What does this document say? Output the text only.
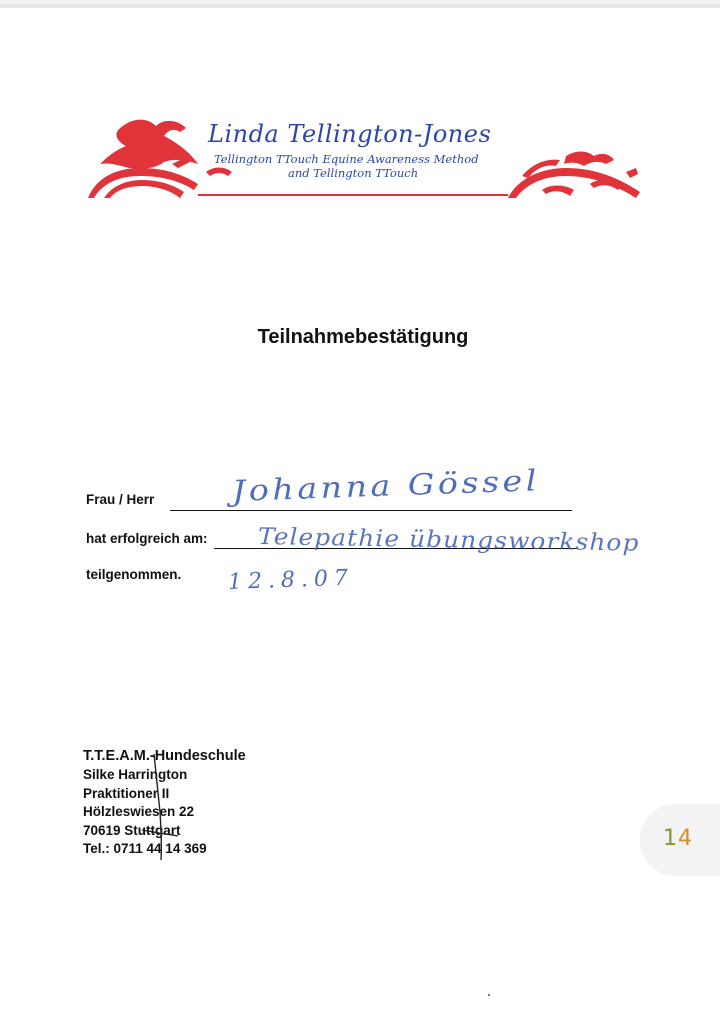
Linda Tellington-Jones
Tellington TTouch Equine Awareness Method
and Tellington TTouch
Teilnahmebestätigung
Frau / Herr	Johanna Gössel
hat erfolgreich am: Telepathie übungsworkshop
teilgenommen. 12.8.07
T.T.E.A.M.-Hundeschule
Silke Harrington
Praktitioner II
Hölzleswiesen 22
70619 Stuttgart
Tel.: 0711 44 14 369	14
